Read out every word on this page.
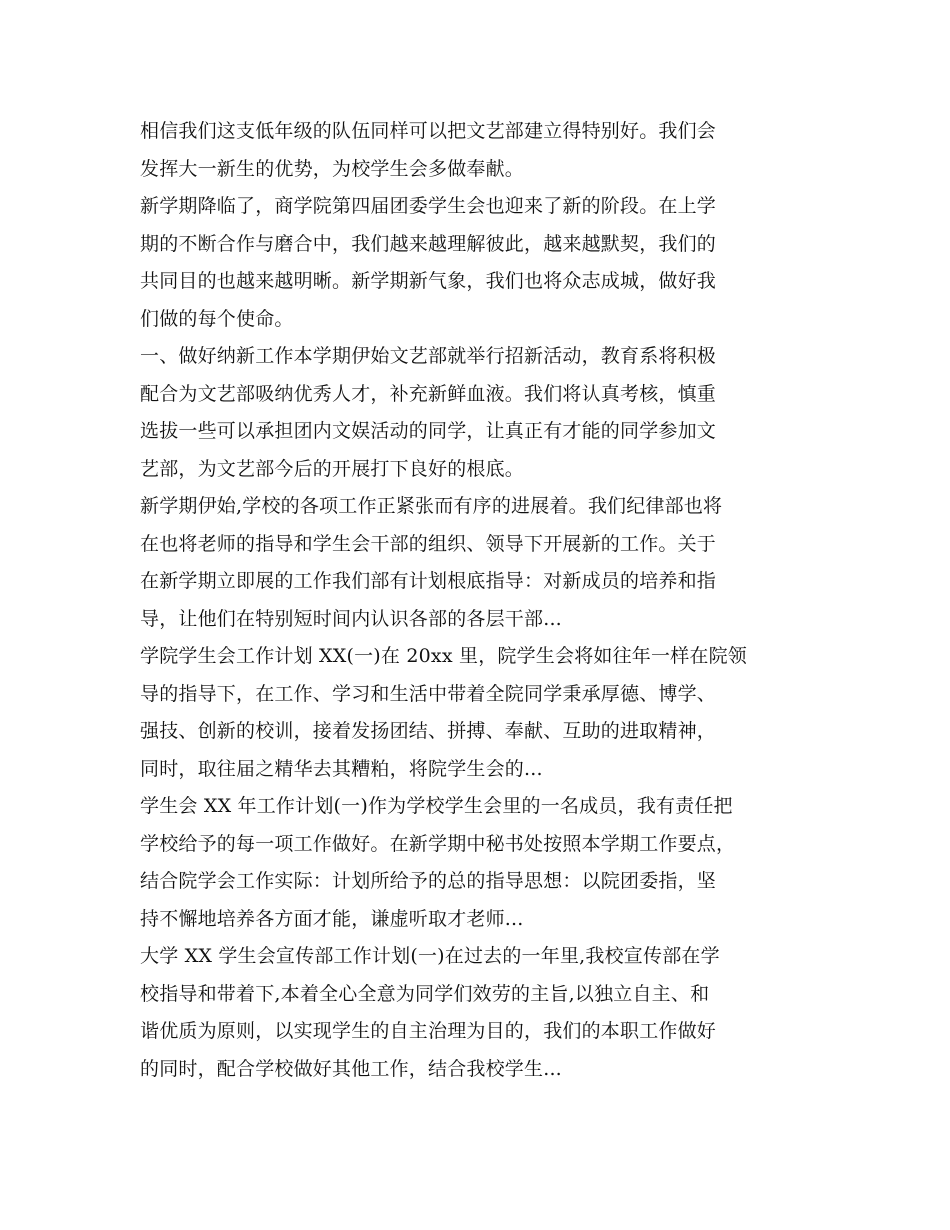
相信我们这支低年级的队伍同样可以把文艺部建立得特别好。我们会
发挥大一新生的优势，为校学生会多做奉献。
新学期降临了，商学院第四届团委学生会也迎来了新的阶段。在上学
期的不断合作与磨合中，我们越来越理解彼此，越来越默契，我们的
共同目的也越来越明晰。新学期新气象，我们也将众志成城，做好我
们做的每个使命。
一、做好纳新工作本学期伊始文艺部就举行招新活动，教育系将积极
配合为文艺部吸纳优秀人才，补充新鲜血液。我们将认真考核，慎重
选拔一些可以承担团内文娱活动的同学，让真正有才能的同学参加文
艺部，为文艺部今后的开展打下良好的根底。
新学期伊始,学校的各项工作正紧张而有序的进展着。我们纪律部也将
在也将老师的指导和学生会干部的组织、领导下开展新的工作。关于
在新学期立即展的工作我们部有计划根底指导：对新成员的培养和指
导，让他们在特别短时间内认识各部的各层干部...
学院学生会工作计划 XX(一)在 20xx 里，院学生会将如往年一样在院领
导的指导下，在工作、学习和生活中带着全院同学秉承厚德、博学、
强技、创新的校训，接着发扬团结、拼搏、奉献、互助的进取精神，
同时，取往届之精华去其糟粕，将院学生会的...
学生会 XX 年工作计划(一)作为学校学生会里的一名成员，我有责任把
学校给予的每一项工作做好。在新学期中秘书处按照本学期工作要点，
结合院学会工作实际：计划所给予的总的指导思想：以院团委指，坚
持不懈地培养各方面才能，谦虚听取才老师...
大学 XX 学生会宣传部工作计划(一)在过去的一年里,我校宣传部在学
校指导和带着下,本着全心全意为同学们效劳的主旨,以独立自主、和
谐优质为原则，以实现学生的自主治理为目的，我们的本职工作做好
的同时，配合学校做好其他工作，结合我校学生...
